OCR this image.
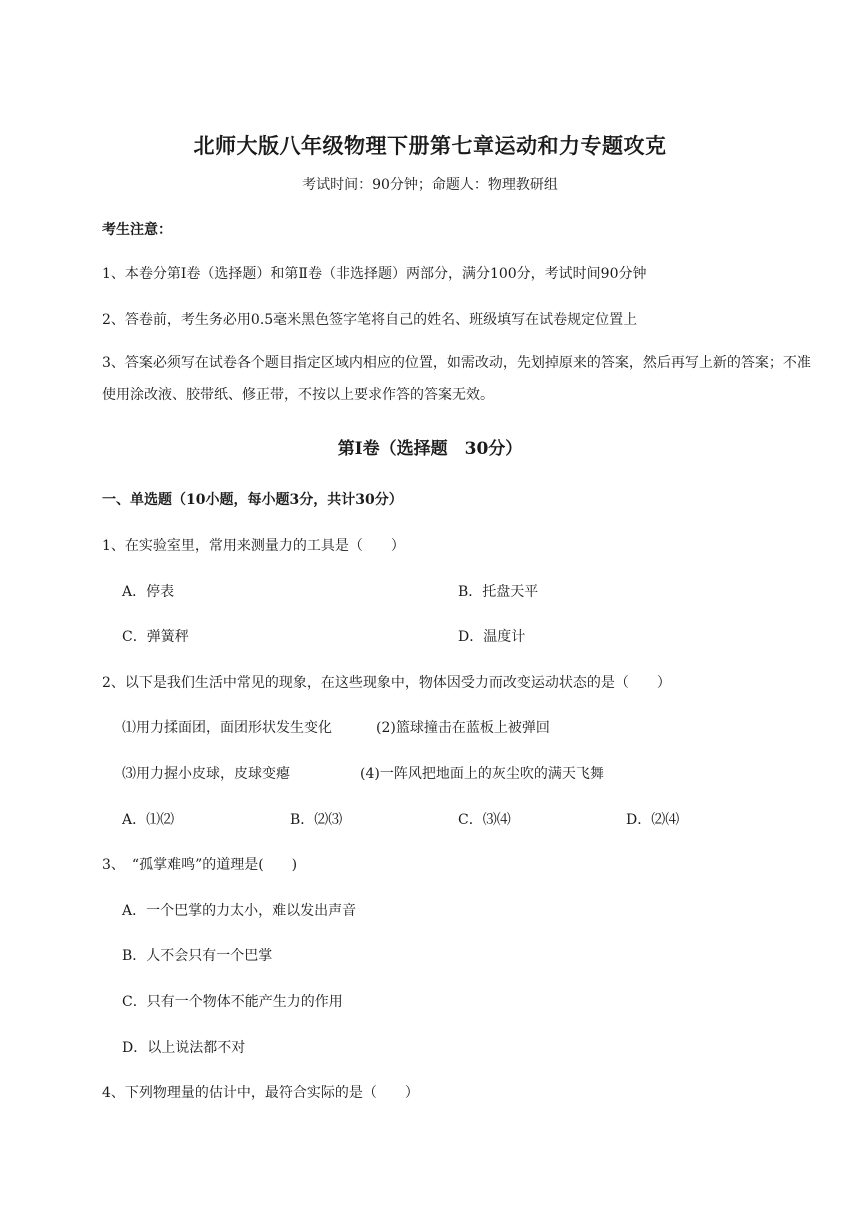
北师大版八年级物理下册第七章运动和力专题攻克
考试时间：90分钟；命题人：物理教研组
考生注意：
1、本卷分第Ⅰ卷（选择题）和第Ⅱ卷（非选择题）两部分，满分100分，考试时间90分钟
2、答卷前，考生务必用0.5毫米黑色签字笔将自己的姓名、班级填写在试卷规定位置上
3、答案必须写在试卷各个题目指定区域内相应的位置，如需改动，先划掉原来的答案，然后再写上新的答案；不准使用涂改液、胶带纸、修正带，不按以上要求作答的答案无效。
第Ⅰ卷（选择题　30分）
一、单选题（10小题，每小题3分，共计30分）
1、在实验室里，常用来测量力的工具是（　　）
A．停表	B．托盘天平
C．弹簧秤	D．温度计
2、以下是我们生活中常见的现象，在这些现象中，物体因受力而改变运动状态的是（　　）
⑴用力揉面团，面团形状发生变化	(2)篮球撞击在蓝板上被弹回
⑶用力握小皮球，皮球变瘪	(4)一阵风把地面上的灰尘吹的满天飞舞
A．⑴⑵	B．⑵⑶	C．⑶⑷	D．⑵⑷
3、　“孤掌难鸣”的道理是(　　)
A．一个巴掌的力太小，难以发出声音
B．人不会只有一个巴掌
C．只有一个物体不能产生力的作用
D．以上说法都不对
4、下列物理量的估计中，最符合实际的是（　　）
